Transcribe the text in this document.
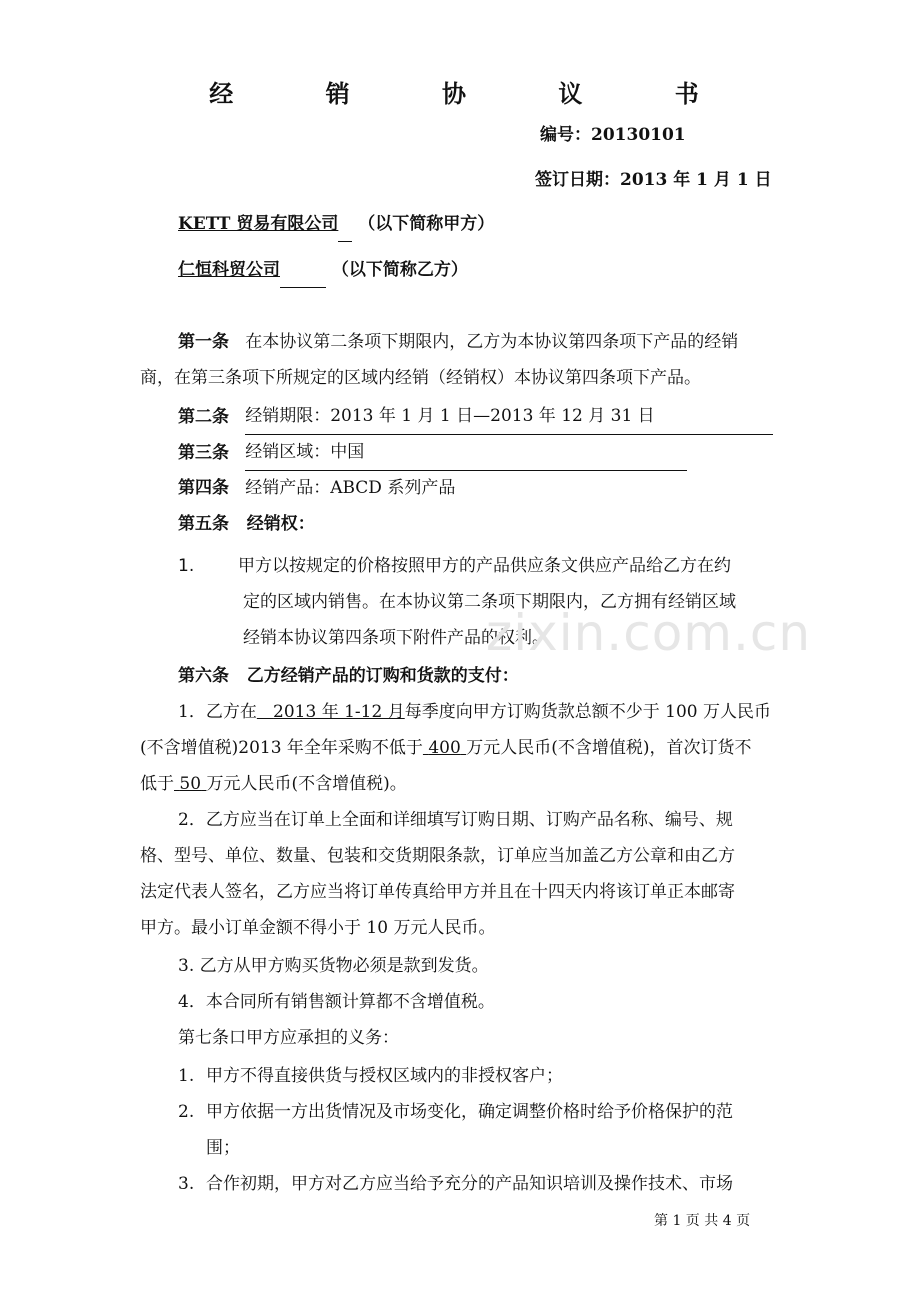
经 销 协 议 书
编号：20130101
签订日期：2013 年 1 月 1 日
KETT 贸易有限公司 （以下简称甲方）
仁恒科贸公司	（以下简称乙方）
第一条 在本协议第二条项下期限内，乙方为本协议第四条项下产品的经销
商，在第三条项下所规定的区域内经销（经销权）本协议第四条项下产品。
第二条 经销期限：2013 年 1 月 1 日—2013 年 12 月 31 日
第三条 经销区域：中国
第四条 经销产品：ABCD 系列产品
第五条 经销权：
1.	甲方以按规定的价格按照甲方的产品供应条文供应产品给乙方在约
定的区域内销售。在本协议第二条项下期限内，乙方拥有经销区域
经销本协议第四条项下附件产品的权利。
zixin.com.cn
第六条 乙方经销产品的订购和货款的支付：
1．乙方在 2013 年 1-12 月每季度向甲方订购货款总额不少于 100 万人民币
(不含增值税)2013 年全年采购不低于 400 万元人民币(不含增值税)，首次订货不
低于 50 万元人民币(不含增值税)。
2．乙方应当在订单上全面和详细填写订购日期、订购产品名称、编号、规
格、型号、单位、数量、包装和交货期限条款，订单应当加盖乙方公章和由乙方
法定代表人签名，乙方应当将订单传真给甲方并且在十四天内将该订单正本邮寄
甲方。最小订单金额不得小于 10 万元人民币。
3. 乙方从甲方购买货物必须是款到发货。
4．本合同所有销售额计算都不含增值税。
第七条口甲方应承担的义务：
1. 甲方不得直接供货与授权区域内的非授权客户；
2. 甲方依据一方出货情况及市场变化，确定调整价格时给予价格保护的范
围；
3. 合作初期，甲方对乙方应当给予充分的产品知识培训及操作技术、市场
第 1 页 共 4 页
